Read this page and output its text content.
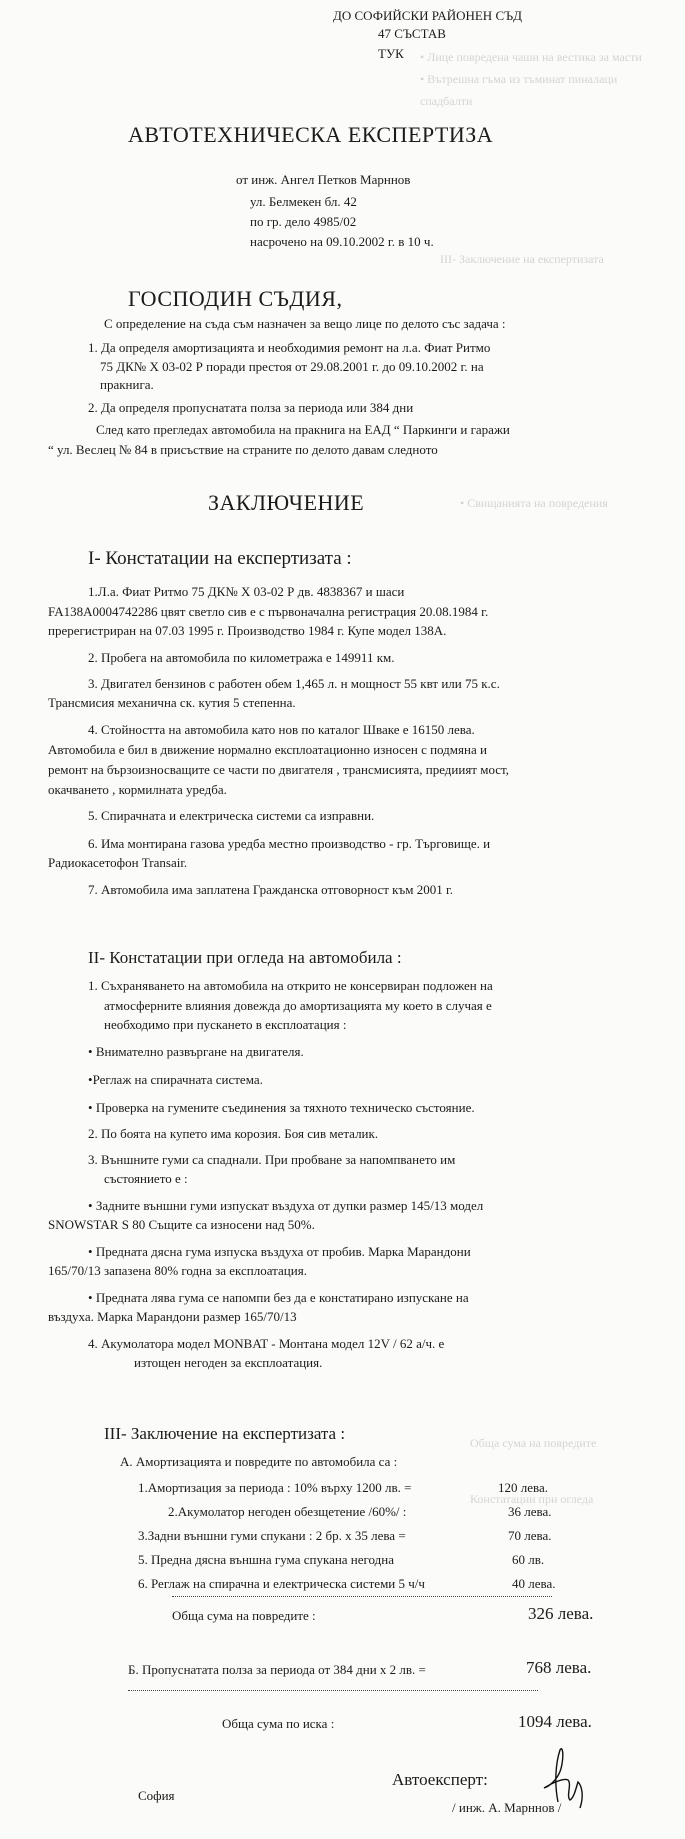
• Лице повредена чаши на вестика за масти
• Вътрешна гъма из тъминат пиналаци
спадбалти
III- Заключение на експертизата
• Свищанията на повредения
Обща сума на повредите
Констатации при огледа
ДО СОФИЙСКИ РАЙОНЕН СЪД
47 СЪСТАВ
ТУК
АВТОТЕХНИЧЕСКА ЕКСПЕРТИЗА
от инж. Ангел Петков Марннов
ул. Белмекен бл. 42
по гр. дело 4985/02
насрочено на 09.10.2002 г. в 10 ч.
ГОСПОДИН СЪДИЯ,
С определение на съда съм назначен за вещо лице по делото със задача :
1. Да определя амортизацията и необходимия ремонт на л.а. Фиат Ритмо
75 ДК№ Х 03-02 Р поради престоя от 29.08.2001 г. до 09.10.2002 г. на
пракнига.
2. Да определя пропуснатата полза за периода или 384 дни
След като прегледах автомобила на пракнига на ЕАД “ Паркинги и гаражи
“ ул. Веслец № 84 в присъствие на страните по делото давам следното
ЗАКЛЮЧЕНИЕ
I- Констатации на експертизата :
1.Л.а. Фиат Ритмо 75 ДК№ Х 03-02 Р дв. 4838367 и шаси
FA138A0004742286 цвят светло сив е с първоначална регистрация 20.08.1984 г.
пререгистриран на 07.03 1995 г. Производство 1984 г. Купе модел 138А.
2. Пробега на автомобила по километража е 149911 км.
3. Двигател бензинов с работен обем 1,465 л. н мощност 55 квт или 75 к.с.
Трансмисия механична ск. кутия 5 степенна.
4. Стойността на автомобила като нов по каталог Шваке е 16150 лева.
Автомобила е бил в движение нормално експлоатационно износен с подмяна и
ремонт на бързоизносващите се части по двигателя , трансмисията, предиият мост,
окачването , кормилната уредба.
5. Спирачната и електрическа системи са изправни.
6. Има монтирана газова уредба местно производство - гр. Търговище. и
Радиокасетофон Transair.
7. Автомобила има заплатена Гражданска отговорност към 2001 г.
II- Констатации при огледа на автомобила :
1. Съхраняването на автомобила на открито не консервиран подложен на
атмосферните влияния довежда до амортизацията му което в случая е
необходимо при пускането в експлоатация :
• Внимателно развъргане на двигателя.
•Реглаж на спирачната система.
• Проверка на гумените съединения за тяхното техническо състояние.
2. По боята на купето има корозия. Боя сив металик.
3. Външните гуми са спаднали. При пробване за напомпването им
състоянието е :
• Задните външни гуми изпускат въздуха от дупки размер 145/13 модел
SNOWSTAR S 80 Същите са износени над 50%.
• Предната дясна гума изпуска въздуха от пробив. Марка Марандони
165/70/13 запазена 80% годна за експлоатация.
• Предната лява гума се напомпи без да е констатирано изпускане на
въздуха. Марка Марандони размер 165/70/13
4. Акумолатора модел MONBAT - Монтана модел 12V / 62 а/ч. е
изтощен негоден за експлоатация.
III- Заключение на експертизата :
А. Амортизацията и повредите по автомобила са :
1.Амортизация за периода : 10% върху 1200 лв. =	120 лева.
2.Акумолатор негоден обезщетение /60%/ :	36 лева.
3.Задни външни гуми спукани : 2 бр. х 35 лева =	70 лева.
5. Предна дясна външна гума спукана негодна	60 лв.
6. Реглаж на спирачна и електрическа системи 5 ч/ч	40 лева.
Обща сума на повредите :	326 лева.
Б. Пропуснатата полза за периода от 384 дни х 2 лв. =	768 лева.
Обща сума по иска :	1094 лева.
София
Автоексперт:
/ инж. А. Марннов /
